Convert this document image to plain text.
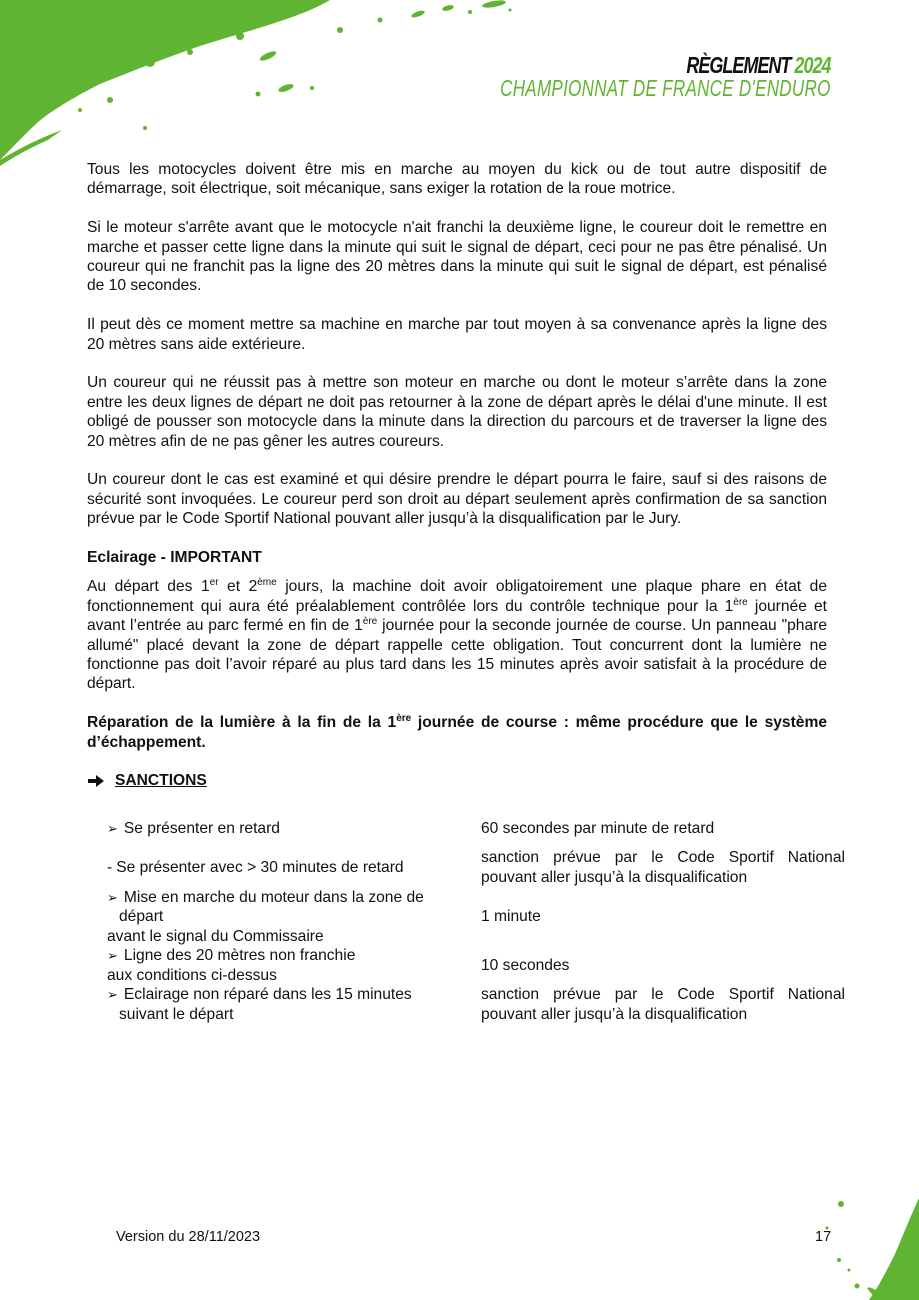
RÈGLEMENT 2024
CHAMPIONNAT DE FRANCE D'ENDURO

Tous les motocycles doivent être mis en marche au moyen du kick ou de tout autre dispositif de démarrage, soit électrique, soit mécanique, sans exiger la rotation de la roue motrice.

Si le moteur s'arrête avant que le motocycle n'ait franchi la deuxième ligne, le coureur doit le remettre en marche et passer cette ligne dans la minute qui suit le signal de départ, ceci pour ne pas être pénalisé. Un coureur qui ne franchit pas la ligne des 20 mètres dans la minute qui suit le signal de départ, est pénalisé de 10 secondes.

Il peut dès ce moment mettre sa machine en marche par tout moyen à sa convenance après la ligne des 20 mètres sans aide extérieure.

Un coureur qui ne réussit pas à mettre son moteur en marche ou dont le moteur s’arrête dans la zone entre les deux lignes de départ ne doit pas retourner à la zone de départ après le délai d'une minute. Il est obligé de pousser son motocycle dans la minute dans la direction du parcours et de traverser la ligne des 20 mètres afin de ne pas gêner les autres coureurs.

Un coureur dont le cas est examiné et qui désire prendre le départ pourra le faire, sauf si des raisons de sécurité sont invoquées. Le coureur perd son droit au départ seulement après confirmation de sa sanction prévue par le Code Sportif National pouvant aller jusqu’à la disqualification par le Jury.

Eclairage - IMPORTANT

Au départ des 1er et 2ème jours, la machine doit avoir obligatoirement une plaque phare en état de fonctionnement qui aura été préalablement contrôlée lors du contrôle technique pour la 1ère journée et avant l’entrée au parc fermé en fin de 1ère journée pour la seconde journée de course. Un panneau "phare allumé" placé devant la zone de départ rappelle cette obligation. Tout concurrent dont la lumière ne fonctionne pas doit l’avoir réparé au plus tard dans les 15 minutes après avoir satisfait à la procédure de départ.

Réparation de la lumière à la fin de la 1ère journée de course : même procédure que le système d’échappement.

SANCTIONS
➢ Se présenter en retard	60 secondes par minute de retard
- Se présenter avec > 30 minutes de retard	sanction prévue par le Code Sportif National pouvant aller jusqu’à la disqualification

➢ Mise en marche du moteur dans la zone de
départ
avant le signal du Commissaire	1 minute

➢ Ligne des 20 mètres non franchie
aux conditions ci-dessus	10 secondes

➢ Eclairage non réparé dans les 15 minutes
suivant le départ	sanction prévue par le Code Sportif National pouvant aller jusqu’à la disqualification
Version du 28/11/2023	17
